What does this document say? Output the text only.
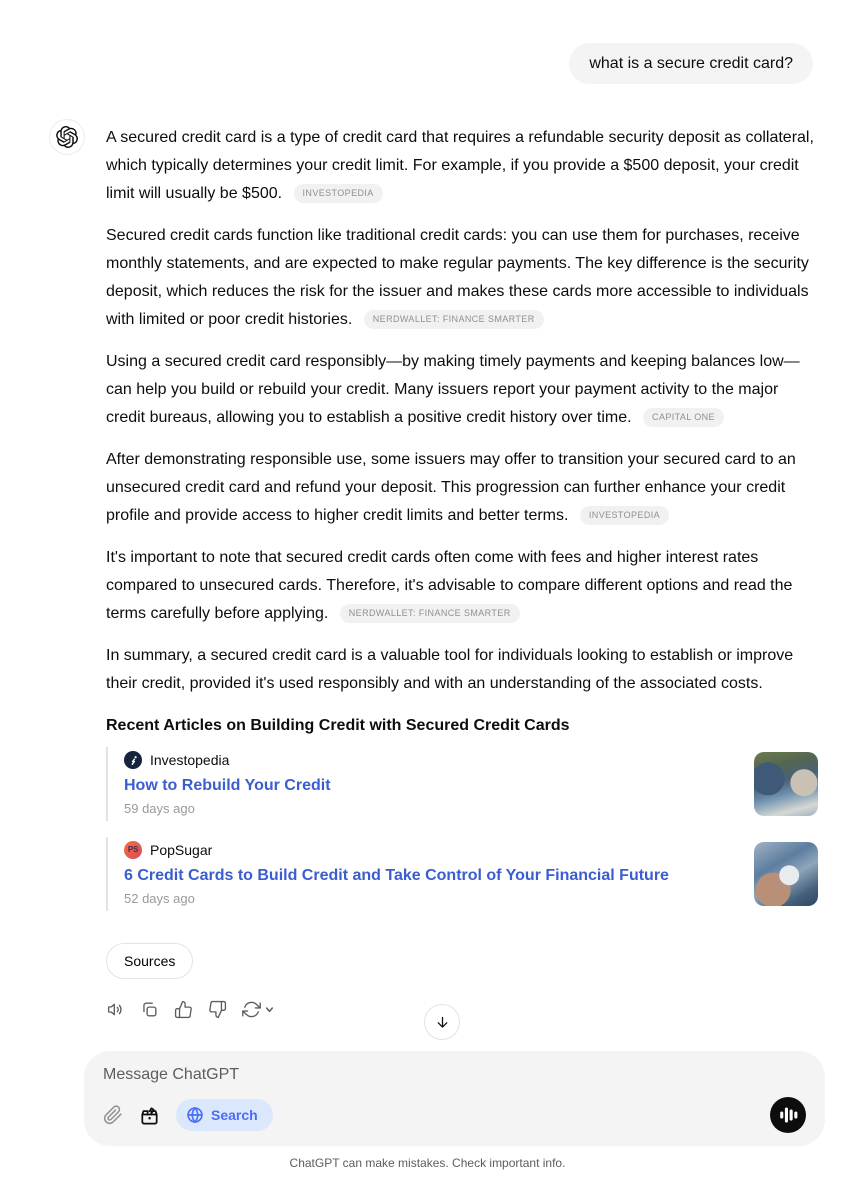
what is a secure credit card?

A secured credit card is a type of credit card that requires a refundable security deposit as collateral, which typically determines your credit limit. For example, if you provide a $500 deposit, your credit limit will usually be $500. INVESTOPEDIA

Secured credit cards function like traditional credit cards: you can use them for purchases, receive monthly statements, and are expected to make regular payments. The key difference is the security deposit, which reduces the risk for the issuer and makes these cards more accessible to individuals with limited or poor credit histories. NERDWALLET: FINANCE SMARTER

Using a secured credit card responsibly—by making timely payments and keeping balances low—can help you build or rebuild your credit. Many issuers report your payment activity to the major credit bureaus, allowing you to establish a positive credit history over time. CAPITAL ONE

After demonstrating responsible use, some issuers may offer to transition your secured card to an unsecured credit card and refund your deposit. This progression can further enhance your credit profile and provide access to higher credit limits and better terms. INVESTOPEDIA

It's important to note that secured credit cards often come with fees and higher interest rates compared to unsecured cards. Therefore, it's advisable to compare different options and read the terms carefully before applying. NERDWALLET: FINANCE SMARTER

In summary, a secured credit card is a valuable tool for individuals looking to establish or improve their credit, provided it's used responsibly and with an understanding of the associated costs.

Recent Articles on Building Credit with Secured Credit Cards
Investopedia
How to Rebuild Your Credit
59 days ago
PS PopSugar
6 Credit Cards to Build Credit and Take Control of Your Financial Future
52 days ago
Sources
Message ChatGPT
Search
ChatGPT can make mistakes. Check important info.
